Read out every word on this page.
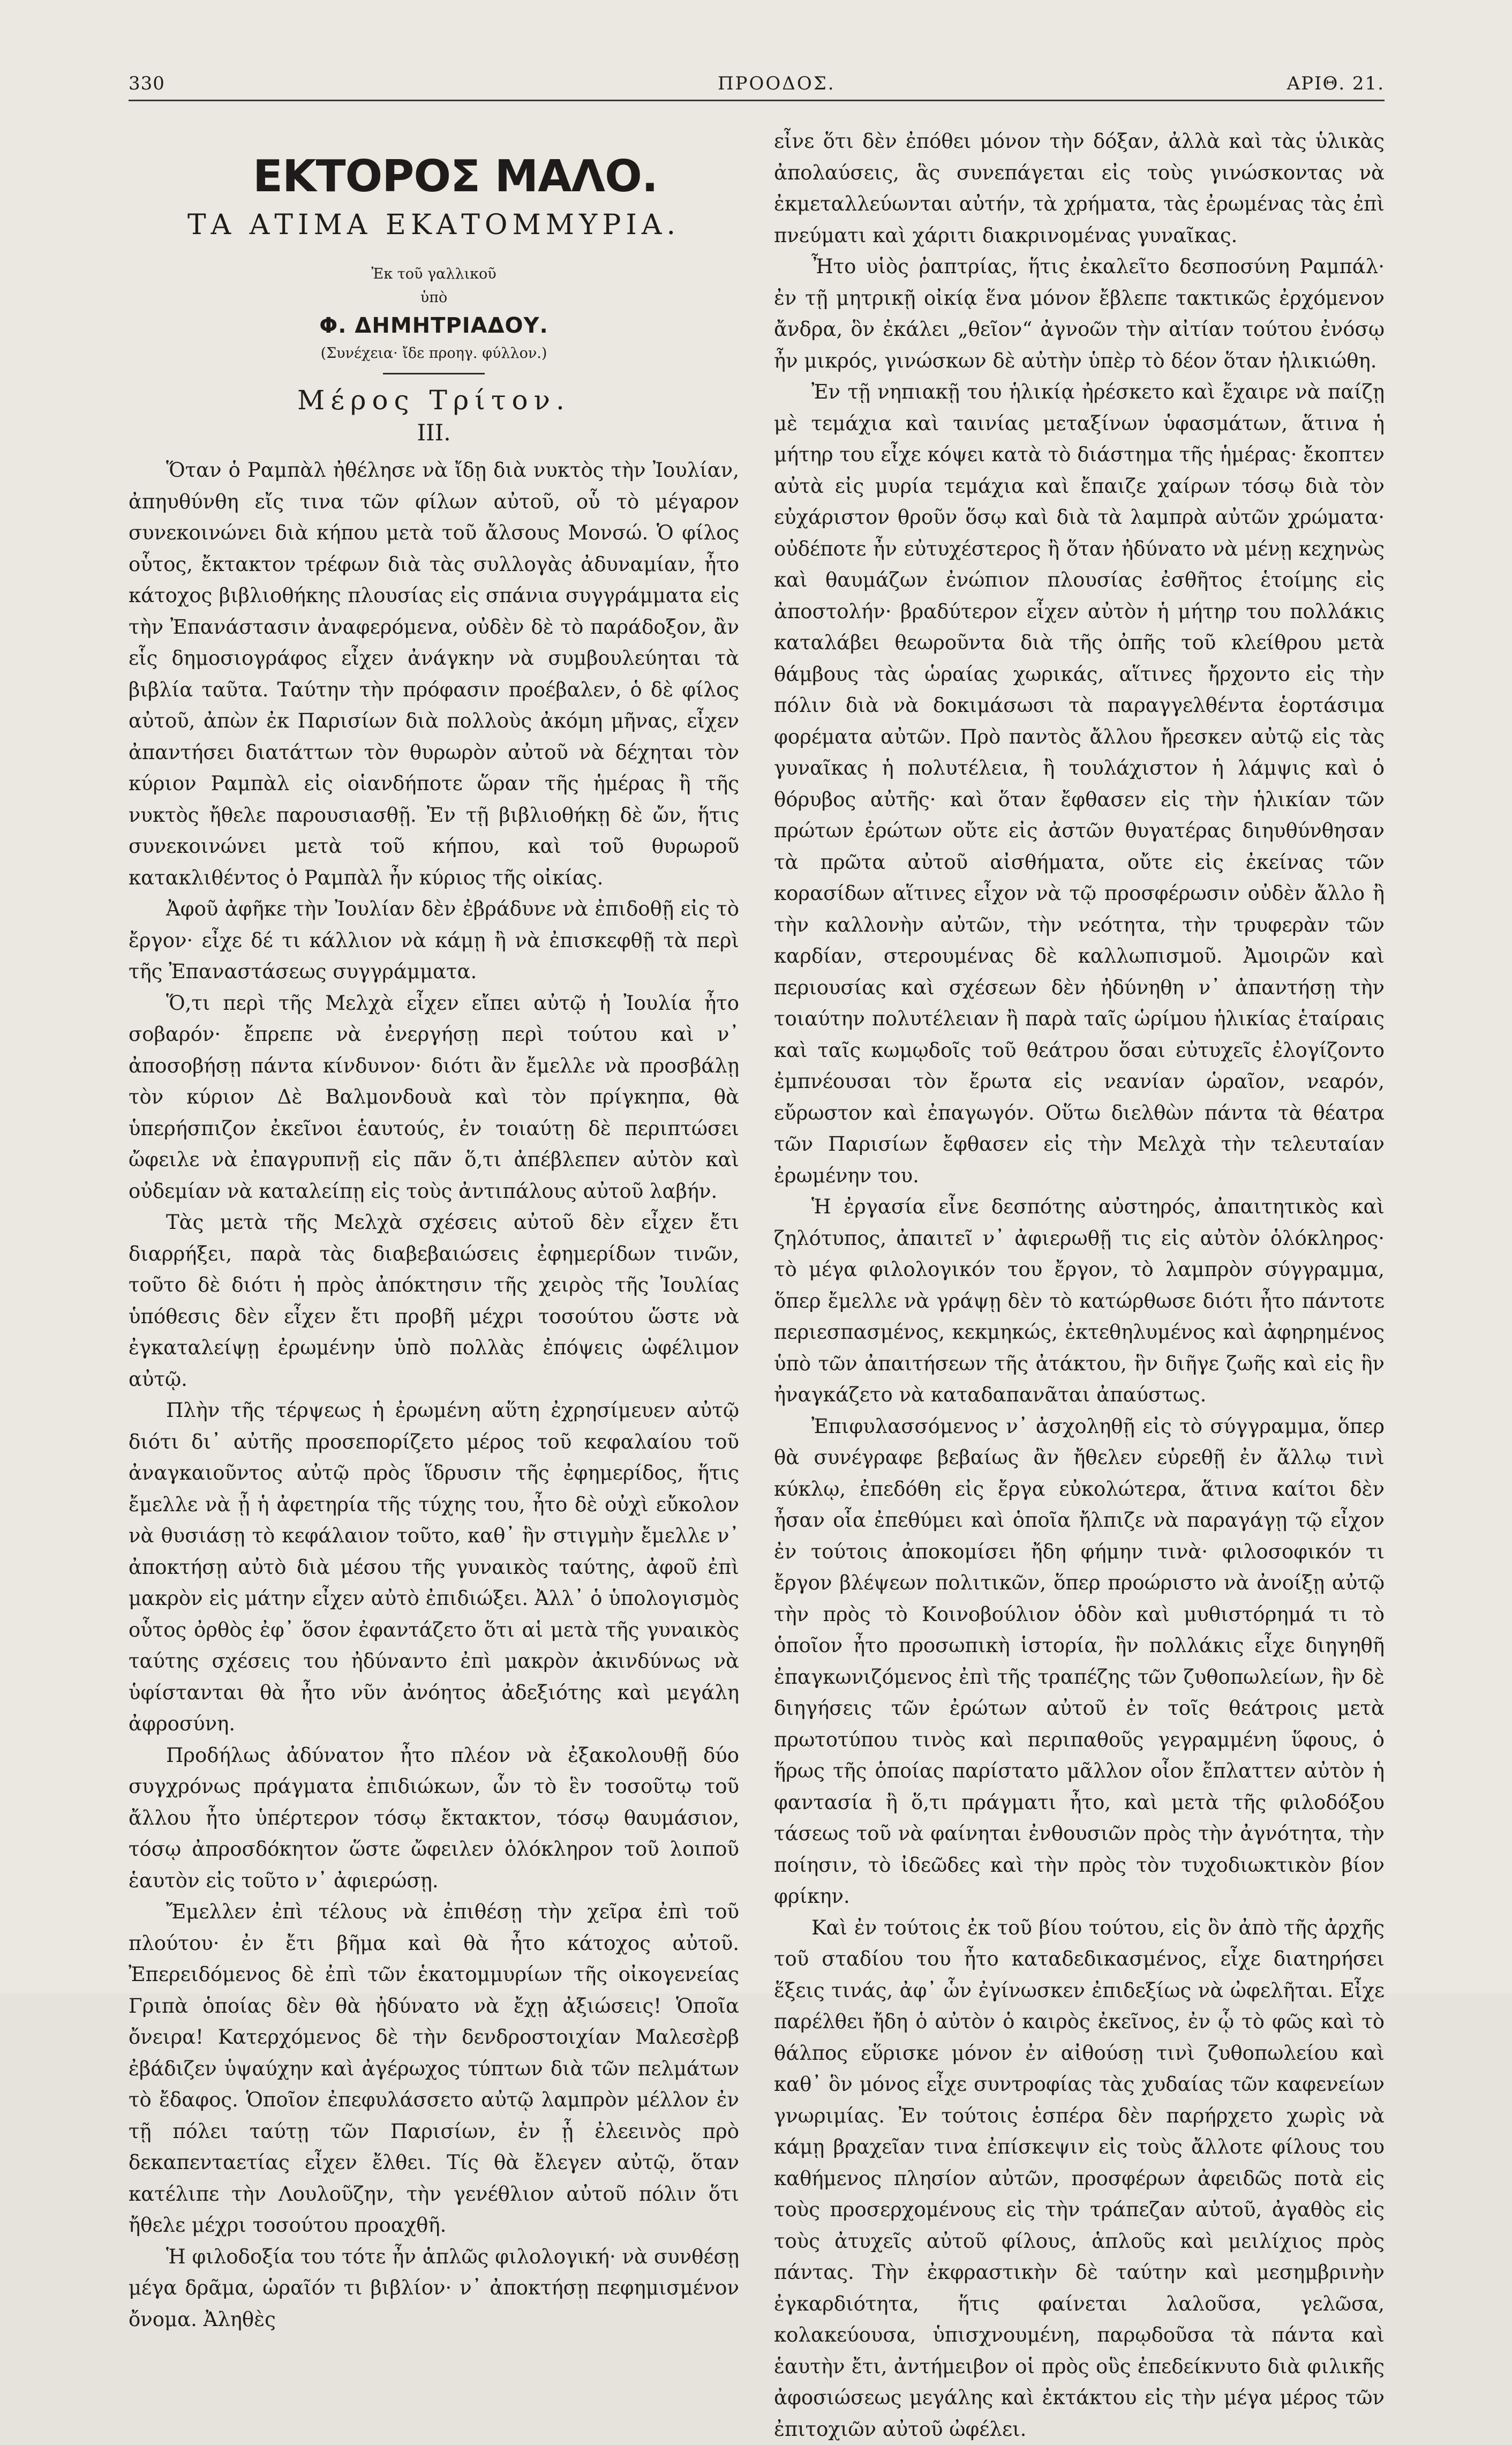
330	ΠΡΟΟΔΟΣ.	ΑΡΙΘ. 21.
ΕΚΤΟΡΟΣ ΜΑΛΟ.
ΤΑ ΑΤΙΜΑ ΕΚΑΤΟΜΜΥΡΙΑ.
Ἐκ τοῦ γαλλικοῦ
ὑπὸ
Φ. ΔΗΜΗΤΡΙΑΔΟΥ.
(Συνέχεια· ἴδε προηγ. φύλλον.)
Μέρος Τρίτον.
III.

Ὅταν ὁ Ραμπὰλ ἠθέλησε νὰ ἴδῃ διὰ νυκτὸς τὴν Ἰουλίαν, ἀπηυθύνθη εἴς τινα τῶν φίλων αὐτοῦ, οὗ τὸ μέγαρον συνεκοινώνει διὰ κήπου μετὰ τοῦ ἄλσους Μονσώ. Ὁ φίλος οὗτος, ἔκτακτον τρέφων διὰ τὰς συλλογὰς ἀδυναμίαν, ἦτο κάτοχος βιβλιοθήκης πλουσίας εἰς σπάνια συγγράμματα εἰς τὴν Ἐπανάστασιν ἀναφερόμενα, οὐδὲν δὲ τὸ παράδοξον, ἂν εἷς δημοσιογράφος εἶχεν ἀνάγκην νὰ συμβουλεύηται τὰ βιβλία ταῦτα. Ταύτην τὴν πρόφασιν προέβαλεν, ὁ δὲ φίλος αὐτοῦ, ἀπὼν ἐκ Παρισίων διὰ πολλοὺς ἀκόμη μῆνας, εἶχεν ἀπαντήσει διατάττων τὸν θυρωρὸν αὐτοῦ νὰ δέχηται τὸν κύριον Ραμπὰλ εἰς οἱανδήποτε ὥραν τῆς ἡμέρας ἢ τῆς νυκτὸς ἤθελε παρουσιασθῇ. Ἐν τῇ βιβλιοθήκῃ δὲ ὤν, ἥτις συνεκοινώνει μετὰ τοῦ κήπου, καὶ τοῦ θυρωροῦ κατακλιθέντος ὁ Ραμπὰλ ἦν κύριος τῆς οἰκίας.

Ἀφοῦ ἀφῆκε τὴν Ἰουλίαν δὲν ἐβράδυνε νὰ ἐπιδοθῇ εἰς τὸ ἔργον· εἶχε δέ τι κάλλιον νὰ κάμῃ ἢ νὰ ἐπισκεφθῇ τὰ περὶ τῆς Ἐπαναστάσεως συγγράμματα.

Ὅ,τι περὶ τῆς Μελχὰ εἶχεν εἴπει αὐτῷ ἡ Ἰουλία ἦτο σοβαρόν· ἔπρεπε νὰ ἐνεργήσῃ περὶ τούτου καὶ ν᾿ ἀποσοβήσῃ πάντα κίνδυνον· διότι ἂν ἔμελλε νὰ προσβάλῃ τὸν κύριον Δὲ Βαλμονδουὰ καὶ τὸν πρίγκηπα, θὰ ὑπερήσπιζον ἐκεῖνοι ἑαυτούς, ἐν τοιαύτῃ δὲ περιπτώσει ὤφειλε νὰ ἐπαγρυπνῇ εἰς πᾶν ὅ,τι ἀπέβλεπεν αὐτὸν καὶ οὐδεμίαν νὰ καταλείπῃ εἰς τοὺς ἀντιπάλους αὐτοῦ λαβήν.

Τὰς μετὰ τῆς Μελχὰ σχέσεις αὐτοῦ δὲν εἶχεν ἔτι διαρρήξει, παρὰ τὰς διαβεβαιώσεις ἐφημερίδων τινῶν, τοῦτο δὲ διότι ἡ πρὸς ἀπόκτησιν τῆς χειρὸς τῆς Ἰουλίας ὑπόθεσις δὲν εἶχεν ἔτι προβῆ μέχρι τοσούτου ὥστε νὰ ἐγκαταλείψῃ ἐρωμένην ὑπὸ πολλὰς ἐπόψεις ὠφέλιμον αὐτῷ.

Πλὴν τῆς τέρψεως ἡ ἐρωμένη αὕτη ἐχρησίμευεν αὐτῷ διότι δι᾿ αὐτῆς προσεπορίζετο μέρος τοῦ κεφαλαίου τοῦ ἀναγκαιοῦντος αὐτῷ πρὸς ἵδρυσιν τῆς ἐφημερίδος, ἥτις ἔμελλε νὰ ᾖ ἡ ἀφετηρία τῆς τύχης του, ἦτο δὲ οὐχὶ εὔκολον νὰ θυσιάσῃ τὸ κεφάλαιον τοῦτο, καθ᾿ ἣν στιγμὴν ἔμελλε ν᾿ ἀποκτήσῃ αὐτὸ διὰ μέσου τῆς γυναικὸς ταύτης, ἀφοῦ ἐπὶ μακρὸν εἰς μάτην εἶχεν αὐτὸ ἐπιδιώξει. Ἀλλ᾿ ὁ ὑπολογισμὸς οὗτος ὀρθὸς ἐφ᾿ ὅσον ἐφαντάζετο ὅτι αἱ μετὰ τῆς γυναικὸς ταύτης σχέσεις του ἠδύναντο ἐπὶ μακρὸν ἀκινδύνως νὰ ὑφίστανται θὰ ἦτο νῦν ἀνόητος ἀδεξιότης καὶ μεγάλη ἀφροσύνη.

Προδήλως ἀδύνατον ἦτο πλέον νὰ ἐξακολουθῇ δύο συγχρόνως πράγματα ἐπιδιώκων, ὧν τὸ ἓν τοσοῦτῳ τοῦ ἄλλου ἦτο ὑπέρτερον τόσῳ ἔκτακτον, τόσῳ θαυμάσιον, τόσῳ ἀπροσδόκητον ὥστε ὤφειλεν ὁλόκληρον τοῦ λοιποῦ ἑαυτὸν εἰς τοῦτο ν᾿ ἀφιερώσῃ.

Ἔμελλεν ἐπὶ τέλους νὰ ἐπιθέσῃ τὴν χεῖρα ἐπὶ τοῦ πλούτου· ἐν ἔτι βῆμα καὶ θὰ ἦτο κάτοχος αὐτοῦ. Ἐπερειδόμενος δὲ ἐπὶ τῶν ἑκατομμυρίων τῆς οἰκογενείας Γριπὰ ὁποίας δὲν θὰ ἠδύνατο νὰ ἔχῃ ἀξιώσεις! Ὁποῖα ὄνειρα! Κατερχόμενος δὲ τὴν δενδροστοιχίαν Μαλεσὲρβ ἐβάδιζεν ὑψαύχην καὶ ἀγέρωχος τύπτων διὰ τῶν πελμάτων τὸ ἔδαφος. Ὁποῖον ἐπεφυλάσσετο αὐτῷ λαμπρὸν μέλλον ἐν τῇ πόλει ταύτῃ τῶν Παρισίων, ἐν ᾗ ἐλεεινὸς πρὸ δεκαπενταετίας εἶχεν ἔλθει. Τίς θὰ ἔλεγεν αὐτῷ, ὅταν κατέλιπε τὴν Λουλοῦζην, τὴν γενέθλιον αὐτοῦ πόλιν ὅτι ἤθελε μέχρι τοσούτου προαχθῆ.

Ἡ φιλοδοξία του τότε ἦν ἁπλῶς φιλολογική· νὰ συνθέσῃ μέγα δρᾶμα, ὡραῖόν τι βιβλίον· ν᾿ ἀποκτήσῃ πεφημισμένον ὄνομα. Ἀληθὲς

εἶνε ὅτι δὲν ἐπόθει μόνον τὴν δόξαν, ἀλλὰ καὶ τὰς ὑλικὰς ἀπολαύσεις, ἃς συνεπάγεται εἰς τοὺς γινώσκοντας νὰ ἐκμεταλλεύωνται αὐτήν, τὰ χρήματα, τὰς ἐρωμένας τὰς ἐπὶ πνεύματι καὶ χάριτι διακρινομένας γυναῖκας.

Ἦτο υἱὸς ῥαπτρίας, ἥτις ἐκαλεῖτο δεσποσύνη Ραμπάλ· ἐν τῇ μητρικῇ οἰκίᾳ ἕνα μόνον ἔβλεπε τακτικῶς ἐρχόμενον ἄνδρα, ὃν ἐκάλει „θεῖον“ ἀγνοῶν τὴν αἰτίαν τούτου ἐνόσῳ ἦν μικρός, γινώσκων δὲ αὐτὴν ὑπὲρ τὸ δέον ὅταν ἡλικιώθη.

Ἐν τῇ νηπιακῇ του ἡλικίᾳ ἠρέσκετο καὶ ἔχαιρε νὰ παίζῃ μὲ τεμάχια καὶ ταινίας μεταξίνων ὑφασμάτων, ἅτινα ἡ μήτηρ του εἶχε κόψει κατὰ τὸ διάστημα τῆς ἡμέρας· ἔκοπτεν αὐτὰ εἰς μυρία τεμάχια καὶ ἔπαιζε χαίρων τόσῳ διὰ τὸν εὐχάριστον θροῦν ὅσῳ καὶ διὰ τὰ λαμπρὰ αὐτῶν χρώματα· οὐδέποτε ἦν εὐτυχέστερος ἢ ὅταν ἠδύνατο νὰ μένῃ κεχηνὼς καὶ θαυμάζων ἐνώπιον πλουσίας ἐσθῆτος ἑτοίμης εἰς ἀποστολήν· βραδύτερον εἶχεν αὐτὸν ἡ μήτηρ του πολλάκις καταλάβει θεωροῦντα διὰ τῆς ὀπῆς τοῦ κλείθρου μετὰ θάμβους τὰς ὡραίας χωρικάς, αἵτινες ἤρχοντο εἰς τὴν πόλιν διὰ νὰ δοκιμάσωσι τὰ παραγγελθέντα ἑορτάσιμα φορέματα αὐτῶν. Πρὸ παντὸς ἄλλου ἤρεσκεν αὐτῷ εἰς τὰς γυναῖκας ἡ πολυτέλεια, ἢ τουλάχιστον ἡ λάμψις καὶ ὁ θόρυβος αὐτῆς· καὶ ὅταν ἔφθασεν εἰς τὴν ἡλικίαν τῶν πρώτων ἐρώτων οὔτε εἰς ἀστῶν θυγατέρας διηυθύνθησαν τὰ πρῶτα αὐτοῦ αἰσθήματα, οὔτε εἰς ἐκείνας τῶν κορασίδων αἵτινες εἶχον νὰ τῷ προσφέρωσιν οὐδὲν ἄλλο ἢ τὴν καλλονὴν αὐτῶν, τὴν νεότητα, τὴν τρυφερὰν τῶν καρδίαν, στερουμένας δὲ καλλωπισμοῦ. Ἀμοιρῶν καὶ περιουσίας καὶ σχέσεων δὲν ἠδύνηθη ν᾿ ἀπαντήσῃ τὴν τοιαύτην πολυτέλειαν ἢ παρὰ ταῖς ὡρίμου ἡλικίας ἑταίραις καὶ ταῖς κωμῳδοῖς τοῦ θεάτρου ὅσαι εὐτυχεῖς ἐλογίζοντο ἐμπνέουσαι τὸν ἔρωτα εἰς νεανίαν ὡραῖον, νεαρόν, εὔρωστον καὶ ἐπαγωγόν. Οὕτω διελθὼν πάντα τὰ θέατρα τῶν Παρισίων ἔφθασεν εἰς τὴν Μελχὰ τὴν τελευταίαν ἐρωμένην του.

Ἡ ἐργασία εἶνε δεσπότης αὐστηρός, ἀπαιτητικὸς καὶ ζηλότυπος, ἀπαιτεῖ ν᾿ ἀφιερωθῇ τις εἰς αὐτὸν ὁλόκληρος· τὸ μέγα φιλολογικόν του ἔργον, τὸ λαμπρὸν σύγγραμμα, ὅπερ ἔμελλε νὰ γράψῃ δὲν τὸ κατώρθωσε διότι ἦτο πάντοτε περιεσπασμένος, κεκμηκώς, ἐκτεθηλυμένος καὶ ἀφηρημένος ὑπὸ τῶν ἀπαιτήσεων τῆς ἀτάκτου, ἣν διῆγε ζωῆς καὶ εἰς ἣν ἠναγκάζετο νὰ καταδαπανᾶται ἀπαύστως.

Ἐπιφυλασσόμενος ν᾿ ἀσχοληθῇ εἰς τὸ σύγγραμμα, ὅπερ θὰ συνέγραφε βεβαίως ἂν ἤθελεν εὑρεθῇ ἐν ἄλλῳ τινὶ κύκλῳ, ἐπεδόθη εἰς ἔργα εὐκολώτερα, ἅτινα καίτοι δὲν ἦσαν οἷα ἐπεθύμει καὶ ὁποῖα ἤλπιζε νὰ παραγάγῃ τῷ εἶχον ἐν τούτοις ἀποκομίσει ἤδη φήμην τινὰ· φιλοσοφικόν τι ἔργον βλέψεων πολιτικῶν, ὅπερ προώριστο νὰ ἀνοίξῃ αὐτῷ τὴν πρὸς τὸ Κοινοβούλιον ὁδὸν καὶ μυθιστόρημά τι τὸ ὁποῖον ἦτο προσωπικὴ ἱστορία, ἣν πολλάκις εἶχε διηγηθῆ ἐπαγκωνιζόμενος ἐπὶ τῆς τραπέζης τῶν ζυθοπωλείων, ἣν δὲ διηγήσεις τῶν ἐρώτων αὐτοῦ ἐν τοῖς θεάτροις μετὰ πρωτοτύπου τινὸς καὶ περιπαθοῦς γεγραμμένη ὕφους, ὁ ἥρως τῆς ὁποίας παρίστατο μᾶλλον οἷον ἔπλαττεν αὐτὸν ἡ φαντασία ἢ ὅ,τι πράγματι ἦτο, καὶ μετὰ τῆς φιλοδόξου τάσεως τοῦ νὰ φαίνηται ἐνθουσιῶν πρὸς τὴν ἀγνότητα, τὴν ποίησιν, τὸ ἰδεῶδες καὶ τὴν πρὸς τὸν τυχοδιωκτικὸν βίον φρίκην.

Καὶ ἐν τούτοις ἐκ τοῦ βίου τούτου, εἰς ὃν ἀπὸ τῆς ἀρχῆς τοῦ σταδίου του ἦτο καταδεδικασμένος, εἶχε διατηρήσει ἕξεις τινάς, ἀφ᾿ ὧν ἐγίνωσκεν ἐπιδεξίως νὰ ὠφελῆται. Εἶχε παρέλθει ἤδη ὁ αὐτὸν ὁ καιρὸς ἐκεῖνος, ἐν ᾧ τὸ φῶς καὶ τὸ θάλπος εὕρισκε μόνον ἐν αἰθούσῃ τινὶ ζυθοπωλείου καὶ καθ᾿ ὃν μόνος εἶχε συντροφίας τὰς χυδαίας τῶν καφενείων γνωριμίας. Ἐν τούτοις ἑσπέρα δὲν παρήρχετο χωρὶς νὰ κάμῃ βραχεῖαν τινα ἐπίσκεψιν εἰς τοὺς ἄλλοτε φίλους του καθήμενος πλησίον αὐτῶν, προσφέρων ἀφειδῶς ποτὰ εἰς τοὺς προσερχομένους εἰς τὴν τράπεζαν αὐτοῦ, ἀγαθὸς εἰς τοὺς ἀτυχεῖς αὐτοῦ φίλους, ἁπλοῦς καὶ μειλίχιος πρὸς πάντας. Τὴν ἐκφραστικὴν δὲ ταύτην καὶ μεσημβρινὴν ἐγκαρδιότητα, ἥτις φαίνεται λαλοῦσα, γελῶσα, κολακεύουσα, ὑπισχνουμένη, παρῳδοῦσα τὰ πάντα καὶ ἑαυτὴν ἔτι, ἀντήμειβον οἱ πρὸς οὓς ἐπεδείκνυτο διὰ φιλικῆς ἀφοσιώσεως μεγάλης καὶ ἐκτάκτου εἰς τὴν μέγα μέρος τῶν ἐπιτοχιῶν αὐτοῦ ὠφέλει.
